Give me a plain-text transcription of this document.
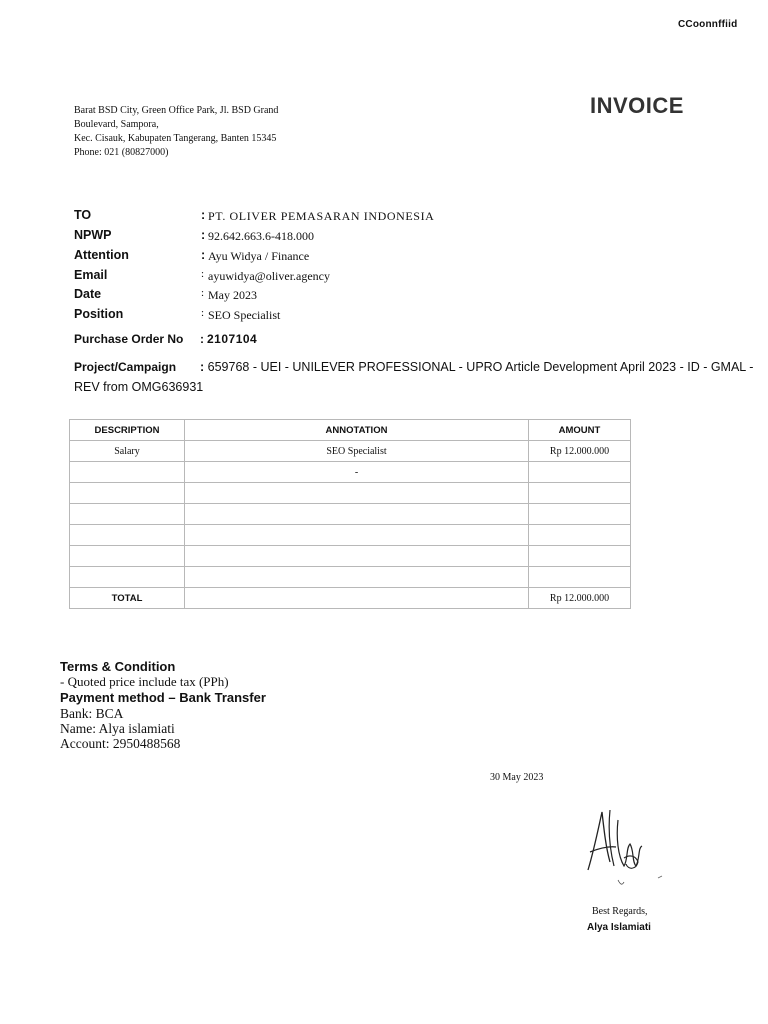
CCoonnffiid
Barat BSD City, Green Office Park, Jl. BSD Grand
Boulevard, Sampora,
Kec. Cisauk, Kabupaten Tangerang, Banten 15345
Phone: 021 (80827000)
INVOICE
TO	: PT. OLIVER PEMASARAN INDONESIA
NPWP	: 92.642.663.6-418.000
Attention	: Ayu Widya / Finance
Email	: ayuwidya@oliver.agency
Date	: May 2023
Position	: SEO Specialist
Purchase Order No : 2107104
Project/Campaign : 659768 - UEI - UNILEVER PROFESSIONAL - UPRO Article Development April 2023 - ID - GMAL - REV from OMG636931
DESCRIPTION	ANNOTATION	AMOUNT
Salary	SEO Specialist	Rp 12.000.000
	-	

TOTAL		Rp 12.000.000
Terms & Condition
- Quoted price include tax (PPh)
Payment method – Bank Transfer
Bank: BCA
Name: Alya islamiati
Account: 2950488568
30 May 2023
Best Regards,
Alya Islamiati
